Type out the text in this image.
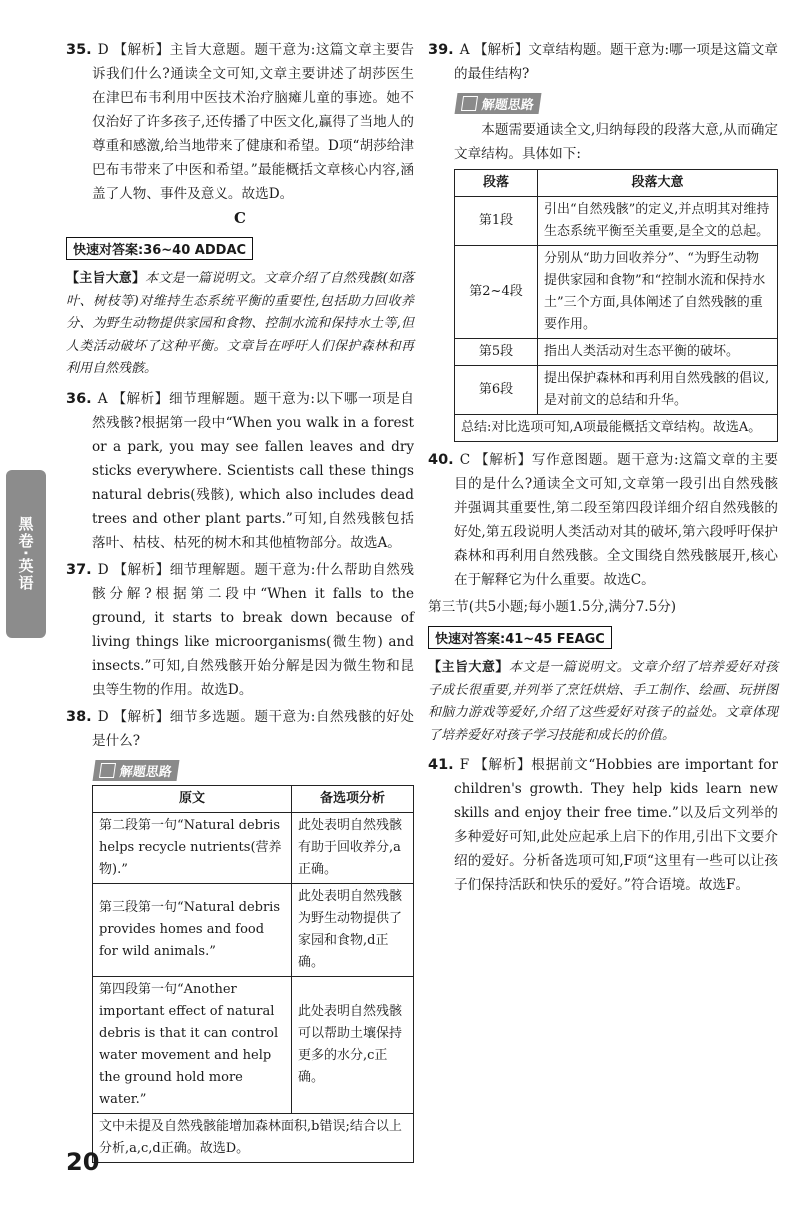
黑卷·英语

35. D 【解析】主旨大意题。题干意为:这篇文章主要告诉我们什么?通读全文可知,文章主要讲述了胡莎医生在津巴布韦利用中医技术治疗脑瘫儿童的事迹。她不仅治好了许多孩子,还传播了中医文化,赢得了当地人的尊重和感激,给当地带来了健康和希望。D项“胡莎给津巴布韦带来了中医和希望。”最能概括文章核心内容,涵盖了人物、事件及意义。故选D。

C
快速对答案:36~40 ADDAC

【主旨大意】本文是一篇说明文。文章介绍了自然残骸(如落叶、树枝等)对维持生态系统平衡的重要性,包括助力回收养分、为野生动物提供家园和食物、控制水流和保持水土等,但人类活动破坏了这种平衡。文章旨在呼吁人们保护森林和再利用自然残骸。

36. A 【解析】细节理解题。题干意为:以下哪一项是自然残骸?根据第一段中“When you walk in a forest or a park, you may see fallen leaves and dry sticks everywhere. Scientists call these things natural debris(残骸), which also includes dead trees and other plant parts.”可知,自然残骸包括落叶、枯枝、枯死的树木和其他植物部分。故选A。

37. D 【解析】细节理解题。题干意为:什么帮助自然残骸分解?根据第二段中“When it falls to the ground, it starts to break down because of living things like microorganisms(微生物) and insects.”可知,自然残骸开始分解是因为微生物和昆虫等生物的作用。故选D。

38. D 【解析】细节多选题。题干意为:自然残骸的好处是什么?

解题思路
原文	备选项分析
第二段第一句“Natural debris helps recycle nutrients(营养物).”	此处表明自然残骸有助于回收养分,a正确。
第三段第一句“Natural debris provides homes and food for wild animals.”	此处表明自然残骸为野生动物提供了家园和食物,d正确。
第四段第一句“Another important effect of natural debris is that it can control water movement and help the ground hold more water.”	此处表明自然残骸可以帮助土壤保持更多的水分,c正确。
文中未提及自然残骸能增加森林面积,b错误;结合以上分析,a,c,d正确。故选D。	

39. A 【解析】文章结构题。题干意为:哪一项是这篇文章的最佳结构?

解题思路

本题需要通读全文,归纳每段的段落大意,从而确定文章结构。具体如下:

段落	段落大意
第1段	引出“自然残骸”的定义,并点明其对维持生态系统平衡至关重要,是全文的总起。
第2~4段	分别从“助力回收养分”、“为野生动物提供家园和食物”和“控制水流和保持水土”三个方面,具体阐述了自然残骸的重要作用。
第5段	指出人类活动对生态平衡的破坏。
第6段	提出保护森林和再利用自然残骸的倡议,是对前文的总结和升华。
总结:对比选项可知,A项最能概括文章结构。故选A。	

40. C 【解析】写作意图题。题干意为:这篇文章的主要目的是什么?通读全文可知,文章第一段引出自然残骸并强调其重要性,第二段至第四段详细介绍自然残骸的好处,第五段说明人类活动对其的破坏,第六段呼吁保护森林和再利用自然残骸。全文围绕自然残骸展开,核心在于解释它为什么重要。故选C。

第三节(共5小题;每小题1.5分,满分7.5分)

快速对答案:41~45 FEAGC

【主旨大意】本文是一篇说明文。文章介绍了培养爱好对孩子成长很重要,并列举了烹饪烘焙、手工制作、绘画、玩拼图和脑力游戏等爱好,介绍了这些爱好对孩子的益处。文章体现了培养爱好对孩子学习技能和成长的价值。

41. F 【解析】根据前文“Hobbies are important for children's growth. They help kids learn new skills and enjoy their free time.”以及后文列举的多种爱好可知,此处应起承上启下的作用,引出下文要介绍的爱好。分析备选项可知,F项“这里有一些可以让孩子们保持活跃和快乐的爱好。”符合语境。故选F。

20
